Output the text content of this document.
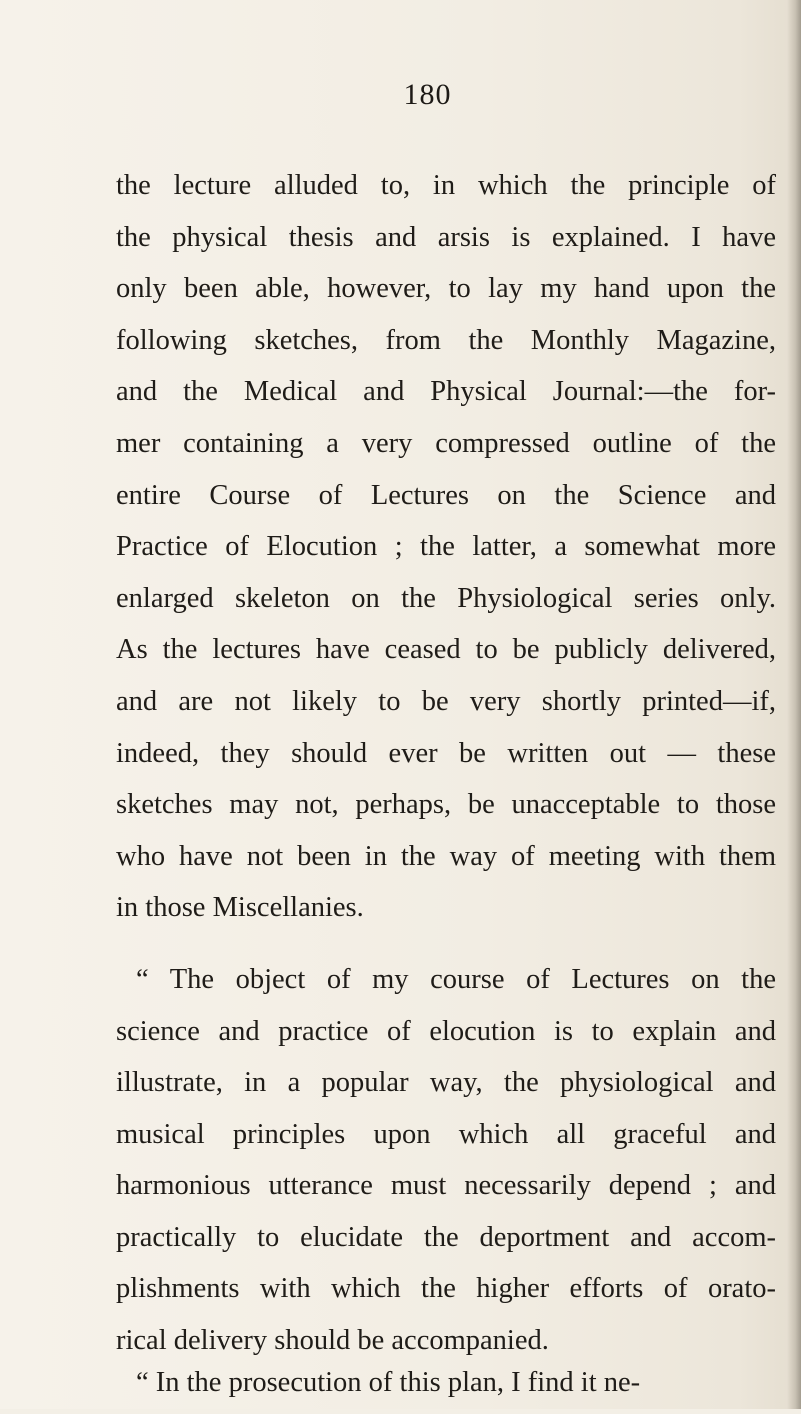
180
the lecture alluded to, in which the principle of
the physical thesis and arsis is explained. I have
only been able, however, to lay my hand upon the
following sketches, from the Monthly Magazine,
and the Medical and Physical Journal:—the for-
mer containing a very compressed outline of the
entire Course of Lectures on the Science and
Practice of Elocution ; the latter, a somewhat more
enlarged skeleton on the Physiological series only.
As the lectures have ceased to be publicly delivered,
and are not likely to be very shortly printed—if,
indeed, they should ever be written out — these
sketches may not, perhaps, be unacceptable to those
who have not been in the way of meeting with them
in those Miscellanies.
“ The object of my course of Lectures on the
science and practice of elocution is to explain and
illustrate, in a popular way, the physiological and
musical principles upon which all graceful and
harmonious utterance must necessarily depend ; and
practically to elucidate the deportment and accom-
plishments with which the higher efforts of orato-
rical delivery should be accompanied.
“ In the prosecution of this plan, I find it ne-
